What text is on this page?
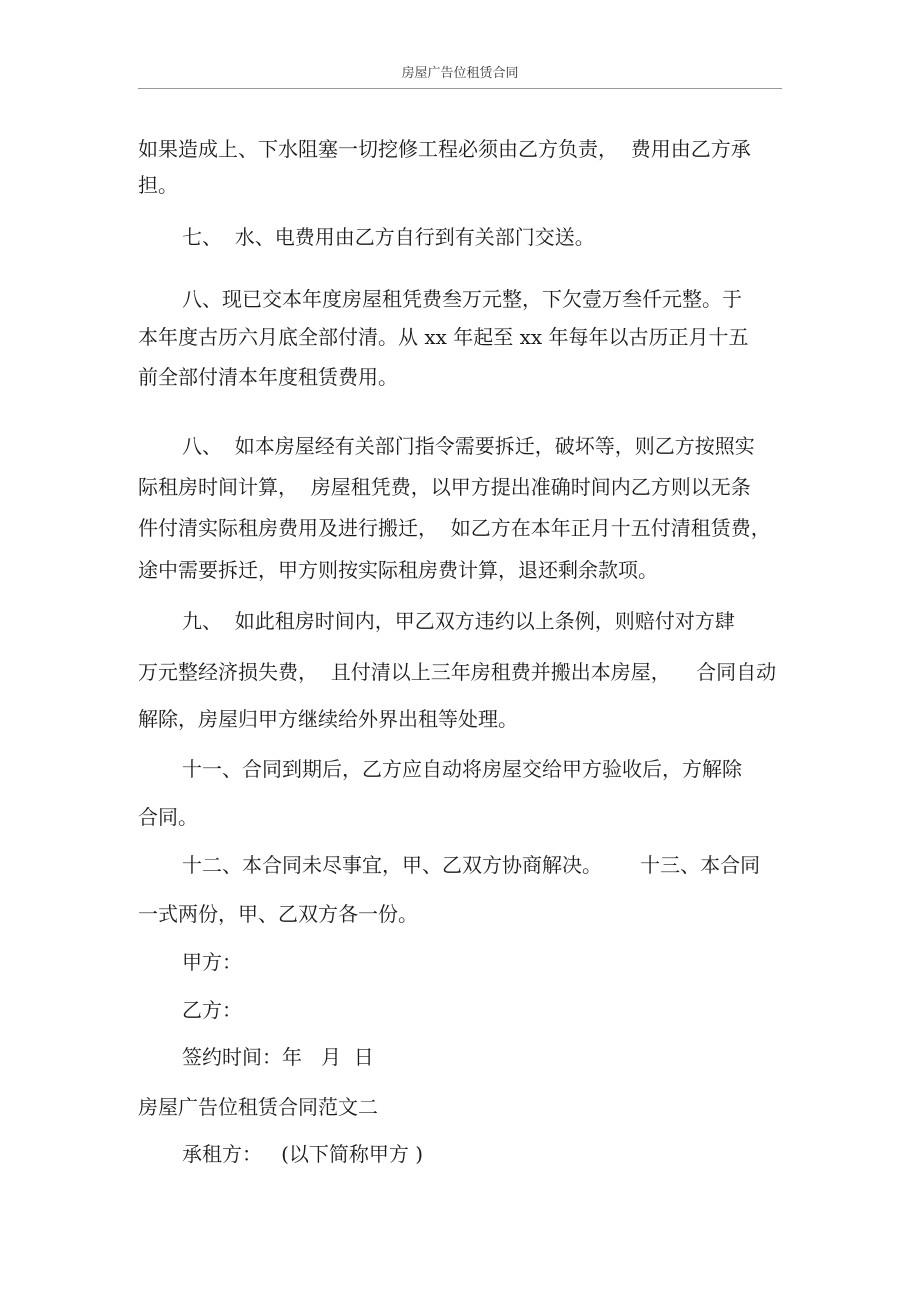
房屋广告位租赁合同
如果造成上、下水阻塞一切挖修工程必须由乙方负责，  费用由乙方承
担。
七、  水、电费用由乙方自行到有关部门交送。
八、现已交本年度房屋租凭费叁万元整，下欠壹万叁仟元整。于
本年度古历六月底全部付清。从 xx 年起至 xx 年每年以古历正月十五
前全部付清本年度租赁费用。
八、  如本房屋经有关部门指令需要拆迁，破坏等，则乙方按照实
际租房时间计算，  房屋租凭费，以甲方提出准确时间内乙方则以无条
件付清实际租房费用及进行搬迁，  如乙方在本年正月十五付清租赁费，
途中需要拆迁，甲方则按实际租房费计算，退还剩余款项。
九、  如此租房时间内，甲乙双方违约以上条例，则赔付对方肆
万元整经济损失费，  且付清以上三年房租费并搬出本房屋，    合同自动
解除，房屋归甲方继续给外界出租等处理。
十一、合同到期后，乙方应自动将房屋交给甲方验收后，方解除
合同。
十二、本合同未尽事宜，甲、乙双方协商解决。      十三、本合同
一式两份，甲、乙双方各一份。
甲方：
乙方：
签约时间：年   月  日
房屋广告位租赁合同范文二
承租方：   (以下简称甲方 )
